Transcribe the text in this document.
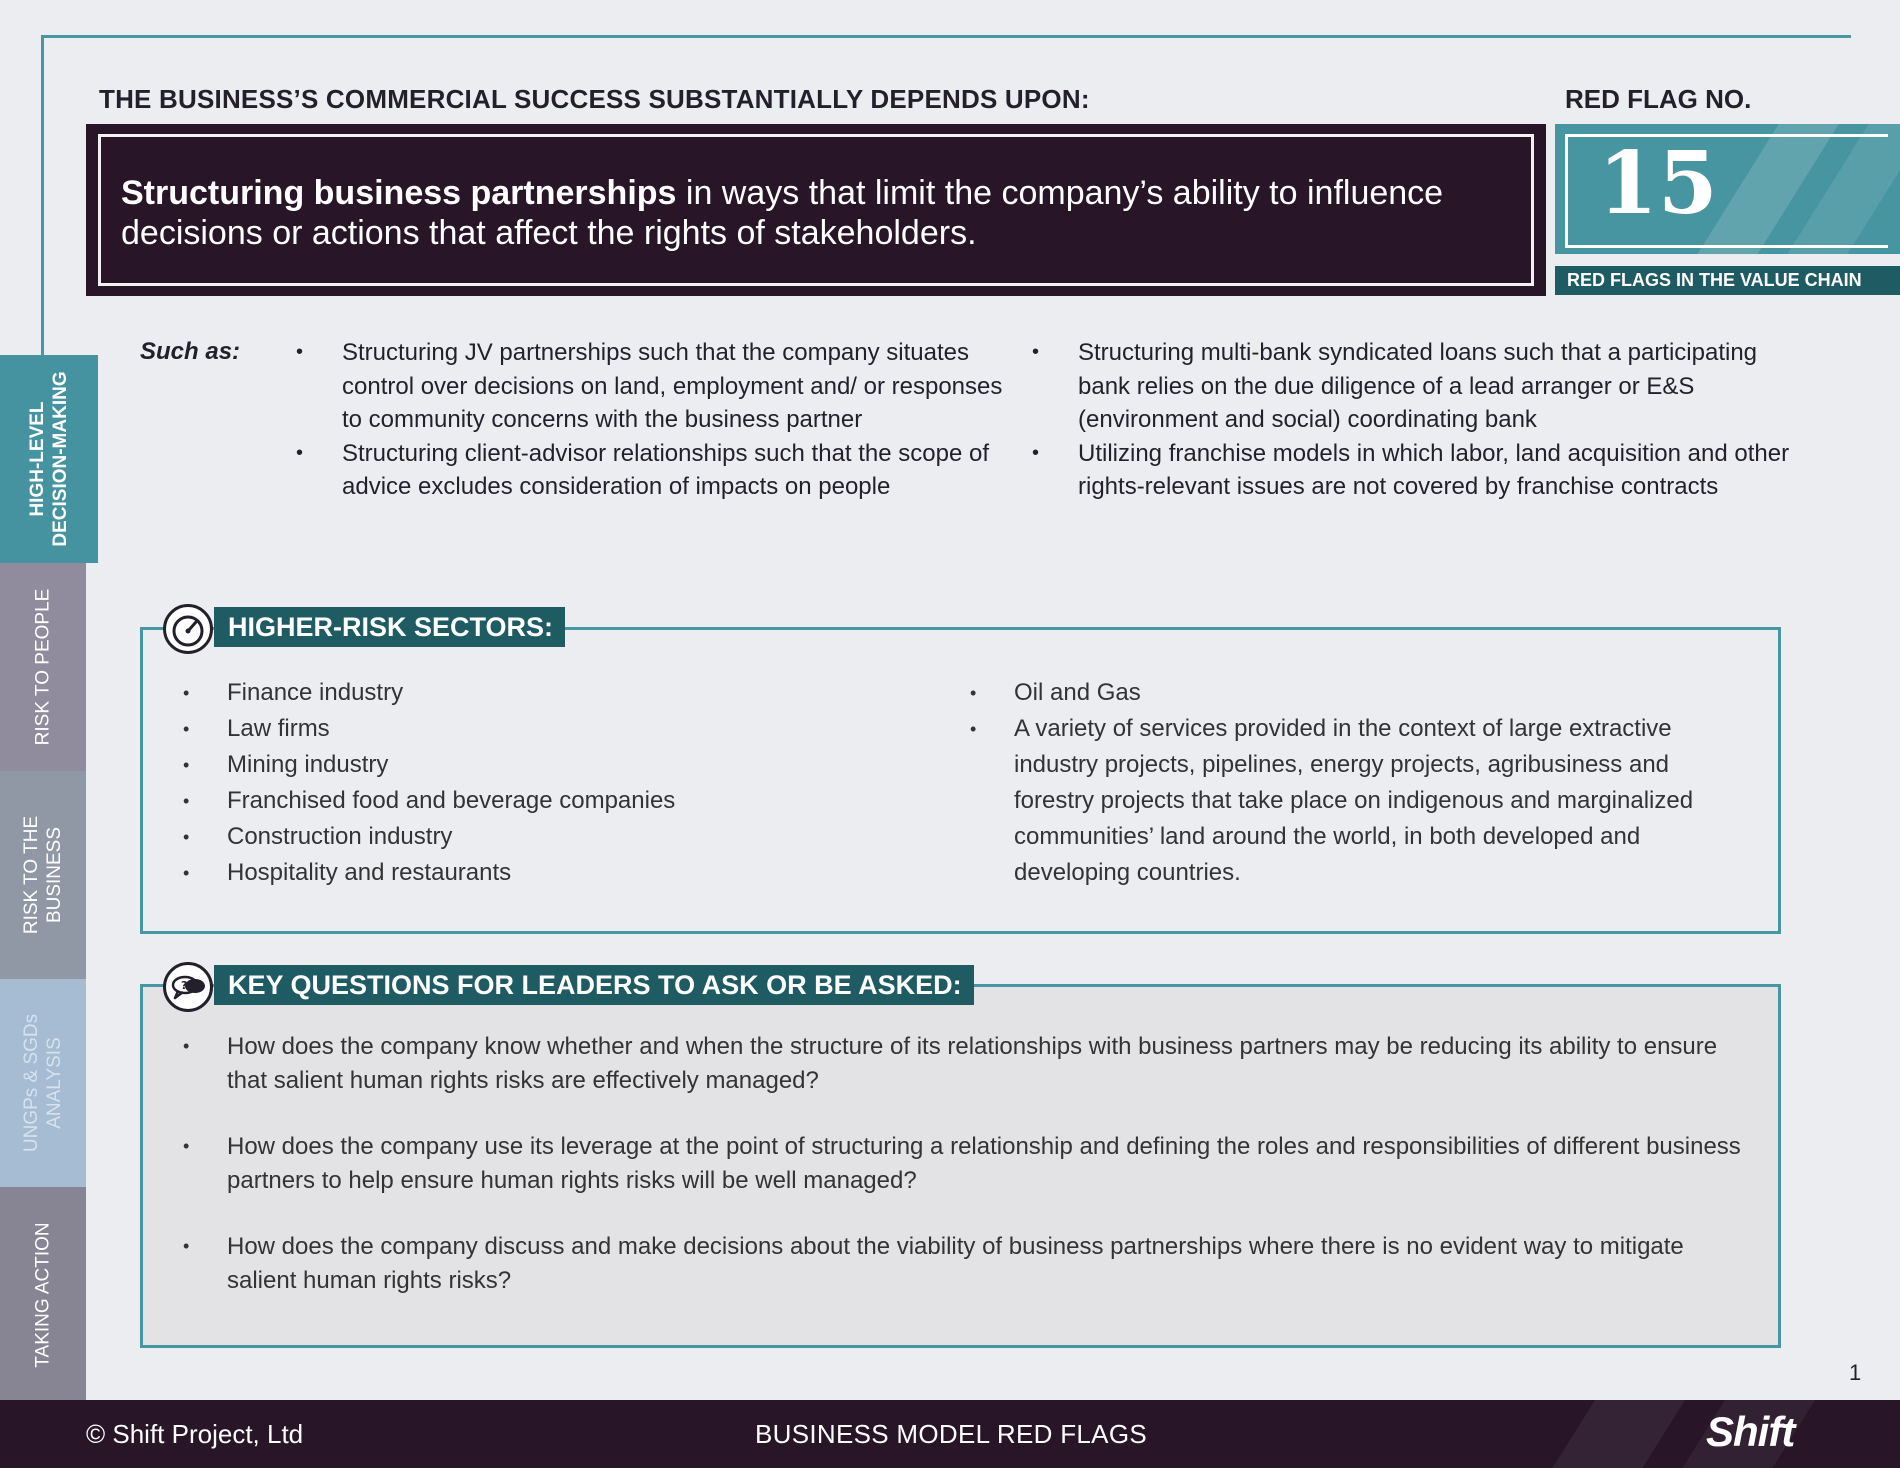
THE BUSINESS’S COMMERCIAL SUCCESS SUBSTANTIALLY DEPENDS UPON:	RED FLAG NO.
Structuring business partnerships in ways that limit the company’s ability to influence decisions or actions that affect the rights of stakeholders.	15
RED FLAGS IN THE VALUE CHAIN
HIGH-LEVEL DECISION-MAKING
RISK TO PEOPLE
RISK TO THE BUSINESS
UNGPs & SGDs ANALYSIS
TAKING ACTION
Such as:
•	Structuring JV partnerships such that the company situates control over decisions on land, employment and/ or responses to community concerns with the business partner
• Structuring client-advisor relationships such that the scope of advice excludes consideration of impacts on people
• Structuring multi-bank syndicated loans such that a participating bank relies on the due diligence of a lead arranger or E&S (environment and social) coordinating bank
• Utilizing franchise models in which labor, land acquisition and other rights-relevant issues are not covered by franchise contracts
HIGHER-RISK SECTORS:
• Finance industry
• Law firms
• Mining industry
• Franchised food and beverage companies
• Construction industry
• Hospitality and restaurants
• Oil and Gas
• A variety of services provided in the context of large extractive industry projects, pipelines, energy projects, agribusiness and forestry projects that take place on indigenous and marginalized communities’ land around the world, in both developed and developing countries.
?	KEY QUESTIONS FOR LEADERS TO ASK OR BE ASKED:
• How does the company know whether and when the structure of its relationships with business partners may be reducing its ability to ensure that salient human rights risks are effectively managed?
• How does the company use its leverage at the point of structuring a relationship and defining the roles and responsibilities of different business partners to help ensure human rights risks will be well managed?
• How does the company discuss and make decisions about the viability of business partnerships where there is no evident way to mitigate salient human rights risks?
1
© Shift Project, Ltd	BUSINESS MODEL RED FLAGS	Shift
